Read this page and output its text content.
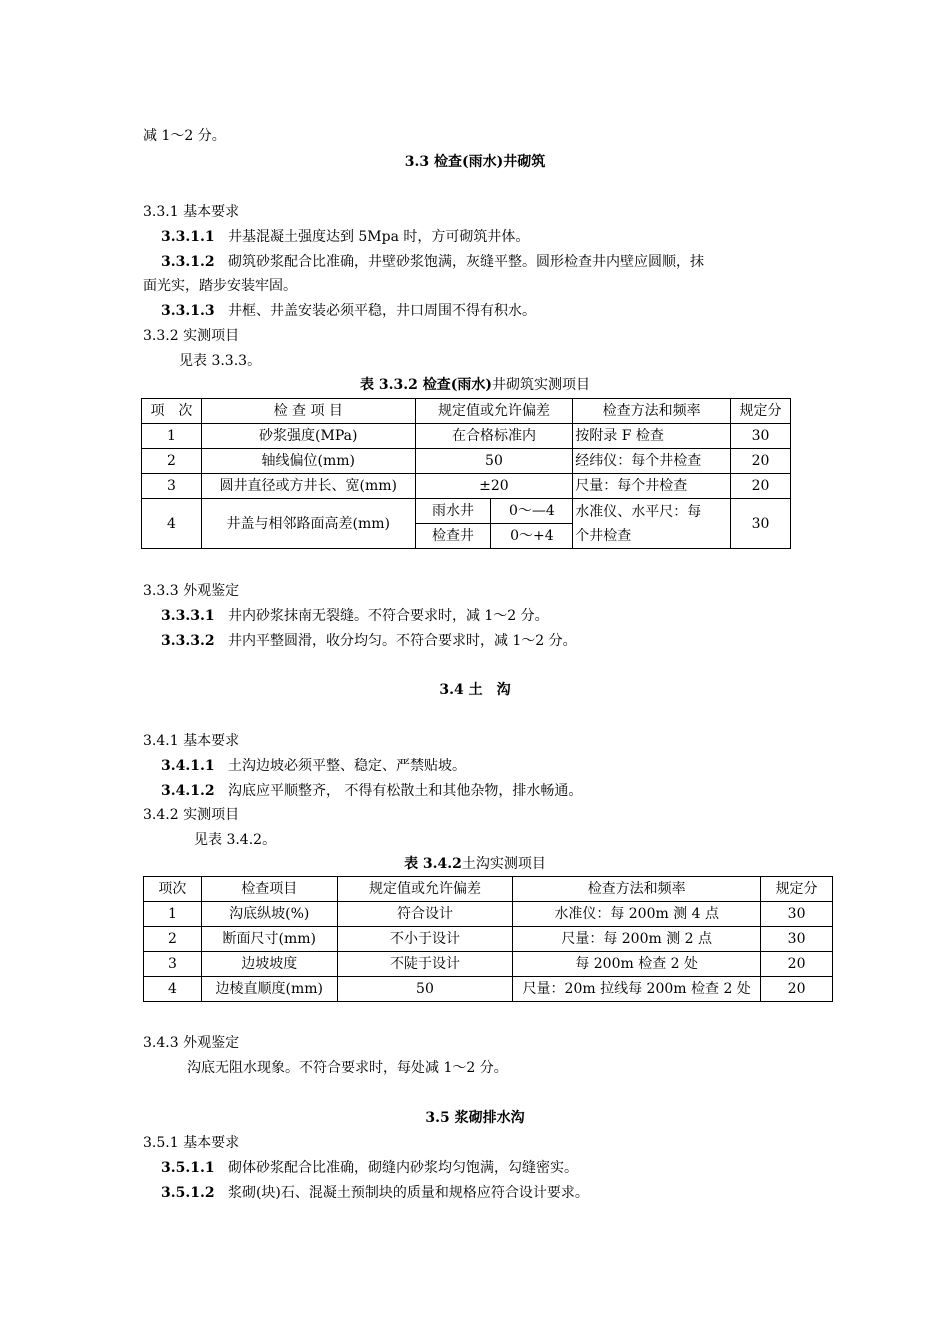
减 1～2 分。
3.3 检查(雨水)井砌筑
3.3.1 基本要求
3.3.1.1 井基混凝土强度达到 5Mpa 时，方可砌筑井体。
3.3.1.2 砌筑砂浆配合比准确，井壁砂浆饱满，灰缝平整。圆形检查井内壁应圆顺，抹
面光实，踏步安装牢固。
3.3.1.3 井框、井盖安装必须平稳，井口周围不得有积水。
3.3.2 实测项目
见表 3.3.3。
表 3.3.2 检查(雨水)井砌筑实测项目
项　次	检 查 项 目	规定值或允许偏差		检查方法和频率	规定分
1	砂浆强度(MPa)	在合格标准内		按附录 F 检查	30
2	轴线偏位(mm)	50		经纬仪：每个井检查	20
3	圆井直径或方井长、宽(mm)	±20		尺量：每个井检查	20
4	井盖与相邻路面高差(mm)	雨水井	0～—4	水准仪、水平尺：每
个井检查	30
		检查井	0～+4		
3.3.3 外观鉴定
3.3.3.1 井内砂浆抹南无裂缝。不符合要求时，减 1～2 分。
3.3.3.2 井内平整圆滑，收分均匀。不符合要求时，减 1～2 分。
3.4 土　沟
3.4.1 基本要求
3.4.1.1 土沟边坡必须平整、稳定、严禁贴坡。
3.4.1.2 沟底应平顺整齐， 不得有松散土和其他杂物，排水畅通。
3.4.2 实测项目
见表 3.4.2。
表 3.4.2土沟实测项目
项次	检查项目	规定值或允许偏差	检查方法和频率	规定分
1	沟底纵坡(%)	符合设计	水准仪：每 200m 测 4 点	30
2	断面尺寸(mm)	不小于设计	尺量：每 200m 测 2 点	30
3	边坡坡度	不陡于设计	每 200m 检查 2 处	20
4	边棱直顺度(mm)	50	尺量：20m 拉线每 200m 检查 2 处	20
3.4.3 外观鉴定
沟底无阻水现象。不符合要求时，每处减 1～2 分。
3.5 浆砌排水沟
3.5.1 基本要求
3.5.1.1 砌体砂浆配合比准确，砌缝内砂浆均匀饱满，勾缝密实。
3.5.1.2 浆砌(块)石、混凝土预制块的质量和规格应符合设计要求。
